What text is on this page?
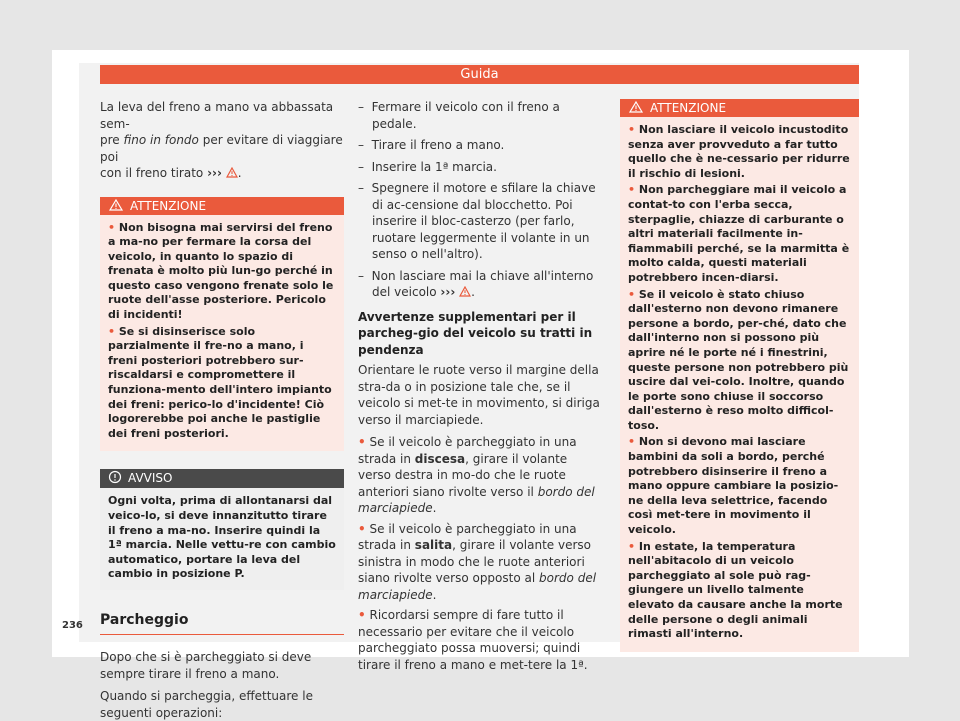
Guida

La leva del freno a mano va abbassata sem-
pre fino in fondo per evitare di viaggiare poi
con il freno tirato ››› .

ATTENZIONE

• Non bisogna mai servirsi del freno a ma-no per fermare la corsa del veicolo, in quanto lo spazio di frenata è molto più lun-go perché in questo caso vengono frenate solo le ruote dell'asse posteriore. Pericolo di incidenti!

• Se si disinserisce solo parzialmente il fre-no a mano, i freni posteriori potrebbero sur-riscaldarsi e compromettere il funziona-mento dell'intero impianto dei freni: perico-lo d'incidente! Ciò logorerebbe poi anche le pastiglie dei freni posteriori.

AVVISO
Ogni volta, prima di allontanarsi dal veico-lo, si deve innanzitutto tirare il freno a ma-no. Inserire quindi la 1ª marcia. Nelle vettu-re con cambio automatico, portare la leva del cambio in posizione P.
Parcheggio

Dopo che si è parcheggiato si deve sempre tirare il freno a mano.

Quando si parcheggia, effettuare le seguenti operazioni:

–  Fermare il veicolo con il freno a pedale.

–  Tirare il freno a mano.

–  Inserire la 1ª marcia.

–  Spegnere il motore e sfilare la chiave di ac-censione dal blocchetto. Poi inserire il bloc-casterzo (per farlo, ruotare leggermente il volante in un senso o nell'altro).

–  Non lasciare mai la chiave all'interno del veicolo ››› .

Avvertenze supplementari per il parcheg-gio del veicolo su tratti in pendenza

Orientare le ruote verso il margine della stra-da o in posizione tale che, se il veicolo si met-te in movimento, si diriga verso il marciapiede.

• Se il veicolo è parcheggiato in una strada in discesa, girare il volante verso destra in mo-do che le ruote anteriori siano rivolte verso il bordo del marciapiede.

• Se il veicolo è parcheggiato in una strada in salita, girare il volante verso sinistra in modo che le ruote anteriori siano rivolte verso opposto al bordo del marciapiede.

• Ricordarsi sempre di fare tutto il necessario per evitare che il veicolo parcheggiato possa muoversi; quindi tirare il freno a mano e met-tere la 1ª.

ATTENZIONE

• Non lasciare il veicolo incustodito senza aver provveduto a far tutto quello che è ne-cessario per ridurre il rischio di lesioni.

• Non parcheggiare mai il veicolo a contat-to con l'erba secca, sterpaglie, chiazze di carburante o altri materiali facilmente in-fiammabili perché, se la marmitta è molto calda, questi materiali potrebbero incen-diarsi.

• Se il veicolo è stato chiuso dall'esterno non devono rimanere persone a bordo, per-ché, dato che dall'interno non si possono più aprire né le porte né i finestrini, queste persone non potrebbero più uscire dal vei-colo. Inoltre, quando le porte sono chiuse il soccorso dall'esterno è reso molto difficol-toso.

• Non si devono mai lasciare bambini da soli a bordo, perché potrebbero disinserire il freno a mano oppure cambiare la posizio-ne della leva selettrice, facendo così met-tere in movimento il veicolo.

• In estate, la temperatura nell'abitacolo di un veicolo parcheggiato al sole può rag-giungere un livello talmente elevato da causare anche la morte delle persone o degli animali rimasti all'interno.

236
